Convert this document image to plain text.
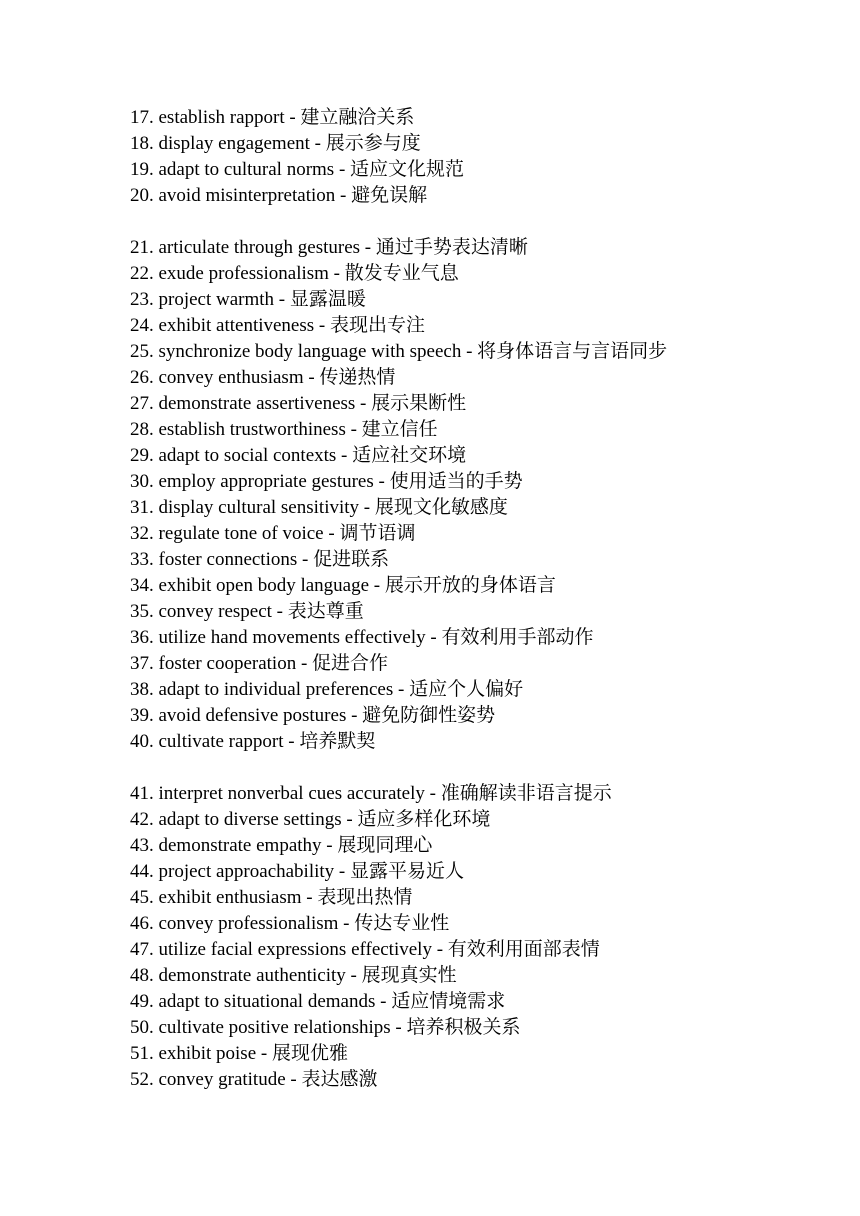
17. establish rapport - 建立融洽关系
18. display engagement - 展示参与度
19. adapt to cultural norms - 适应文化规范
20. avoid misinterpretation - 避免误解
21. articulate through gestures - 通过手势表达清晰
22. exude professionalism - 散发专业气息
23. project warmth - 显露温暖
24. exhibit attentiveness - 表现出专注
25. synchronize body language with speech - 将身体语言与言语同步
26. convey enthusiasm - 传递热情
27. demonstrate assertiveness - 展示果断性
28. establish trustworthiness - 建立信任
29. adapt to social contexts - 适应社交环境
30. employ appropriate gestures - 使用适当的手势
31. display cultural sensitivity - 展现文化敏感度
32. regulate tone of voice - 调节语调
33. foster connections - 促进联系
34. exhibit open body language - 展示开放的身体语言
35. convey respect - 表达尊重
36. utilize hand movements effectively - 有效利用手部动作
37. foster cooperation - 促进合作
38. adapt to individual preferences - 适应个人偏好
39. avoid defensive postures - 避免防御性姿势
40. cultivate rapport - 培养默契
41. interpret nonverbal cues accurately - 准确解读非语言提示
42. adapt to diverse settings - 适应多样化环境
43. demonstrate empathy - 展现同理心
44. project approachability - 显露平易近人
45. exhibit enthusiasm - 表现出热情
46. convey professionalism - 传达专业性
47. utilize facial expressions effectively - 有效利用面部表情
48. demonstrate authenticity - 展现真实性
49. adapt to situational demands - 适应情境需求
50. cultivate positive relationships - 培养积极关系
51. exhibit poise - 展现优雅
52. convey gratitude - 表达感激
